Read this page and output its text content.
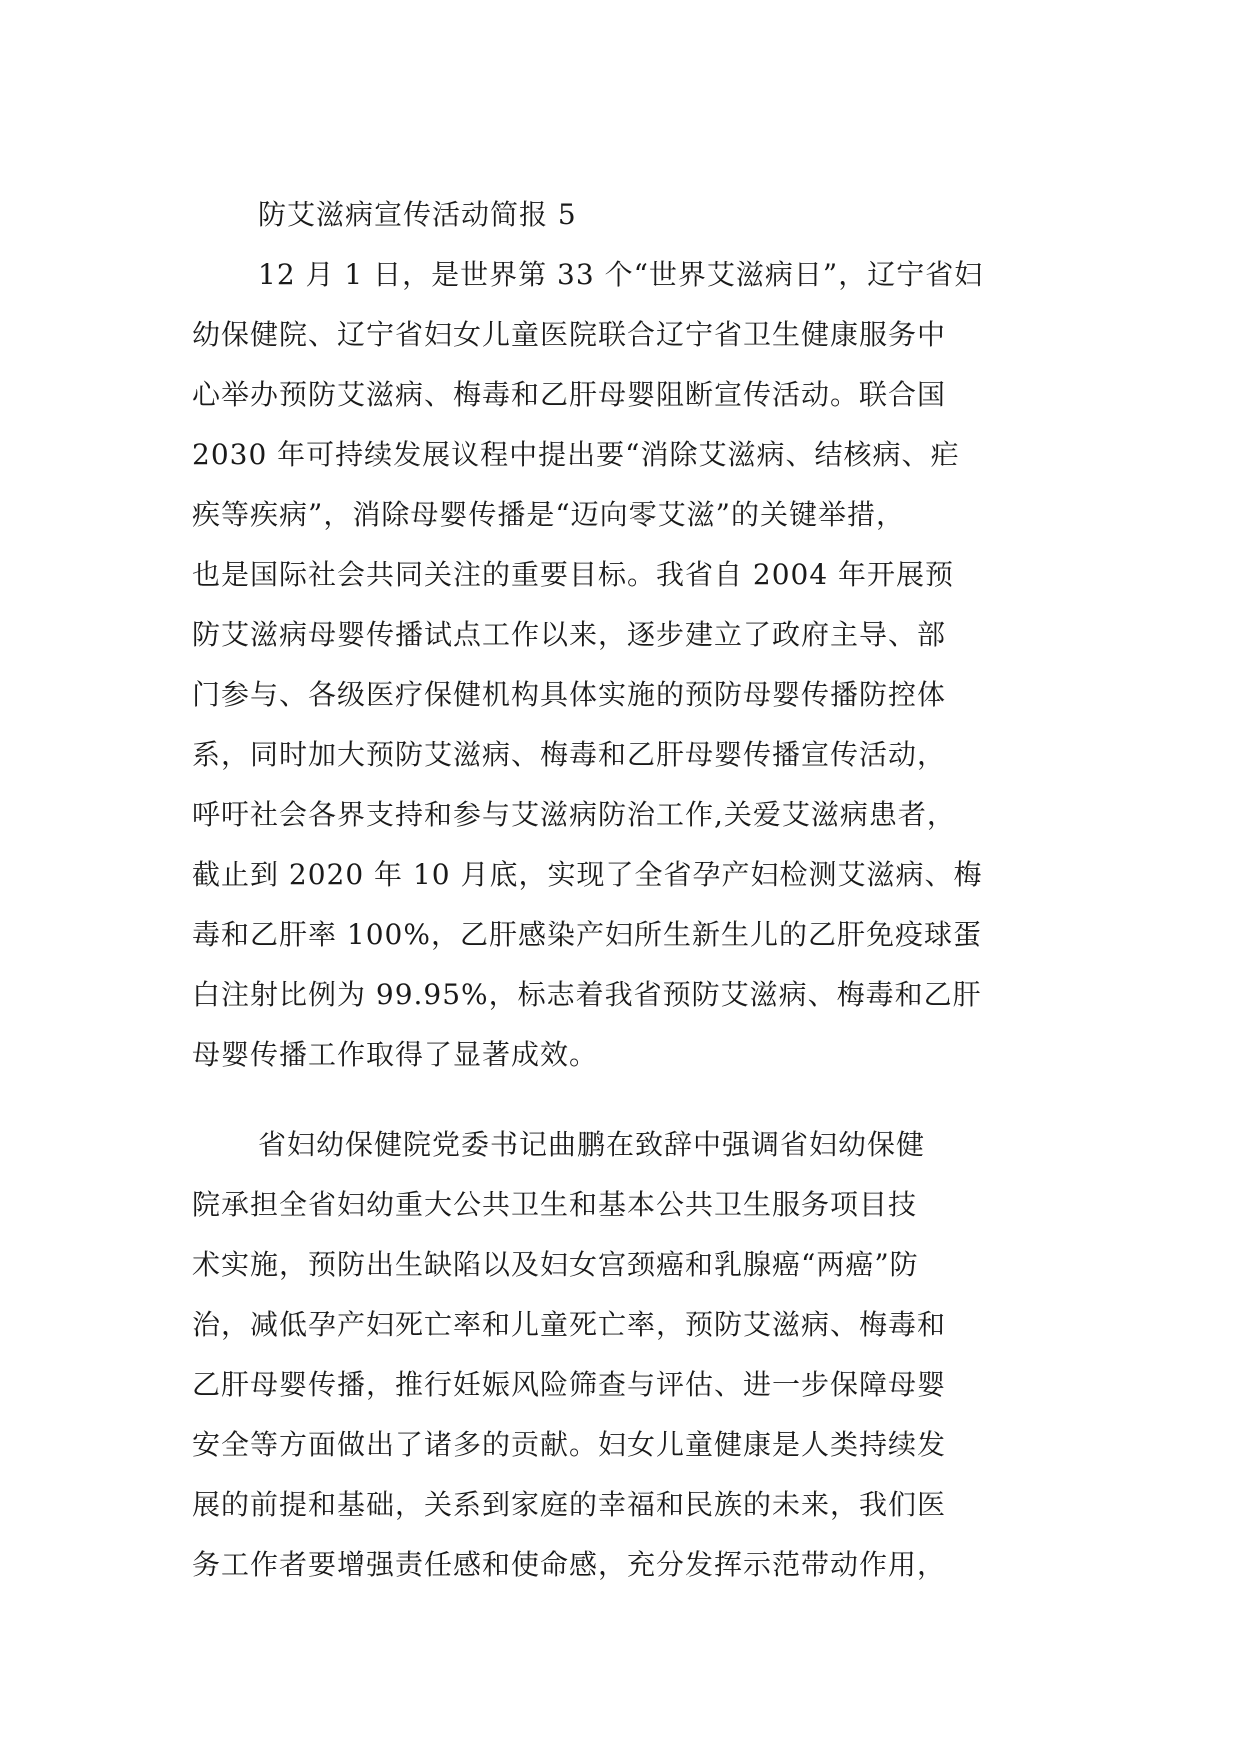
防艾滋病宣传活动简报 5
12 月 1 日，是世界第 33 个“世界艾滋病日”，辽宁省妇
幼保健院、辽宁省妇女儿童医院联合辽宁省卫生健康服务中
心举办预防艾滋病、梅毒和乙肝母婴阻断宣传活动。联合国
2030 年可持续发展议程中提出要“消除艾滋病、结核病、疟
疾等疾病”，消除母婴传播是“迈向零艾滋”的关键举措，
也是国际社会共同关注的重要目标。我省自 2004 年开展预
防艾滋病母婴传播试点工作以来，逐步建立了政府主导、部
门参与、各级医疗保健机构具体实施的预防母婴传播防控体
系，同时加大预防艾滋病、梅毒和乙肝母婴传播宣传活动，
呼吁社会各界支持和参与艾滋病防治工作,关爱艾滋病患者，
截止到 2020 年 10 月底，实现了全省孕产妇检测艾滋病、梅
毒和乙肝率 100%，乙肝感染产妇所生新生儿的乙肝免疫球蛋
白注射比例为 99.95%，标志着我省预防艾滋病、梅毒和乙肝
母婴传播工作取得了显著成效。
省妇幼保健院党委书记曲鹏在致辞中强调省妇幼保健
院承担全省妇幼重大公共卫生和基本公共卫生服务项目技
术实施，预防出生缺陷以及妇女宫颈癌和乳腺癌“两癌”防
治，减低孕产妇死亡率和儿童死亡率，预防艾滋病、梅毒和
乙肝母婴传播，推行妊娠风险筛查与评估、进一步保障母婴
安全等方面做出了诸多的贡献。妇女儿童健康是人类持续发
展的前提和基础，关系到家庭的幸福和民族的未来，我们医
务工作者要增强责任感和使命感，充分发挥示范带动作用，
